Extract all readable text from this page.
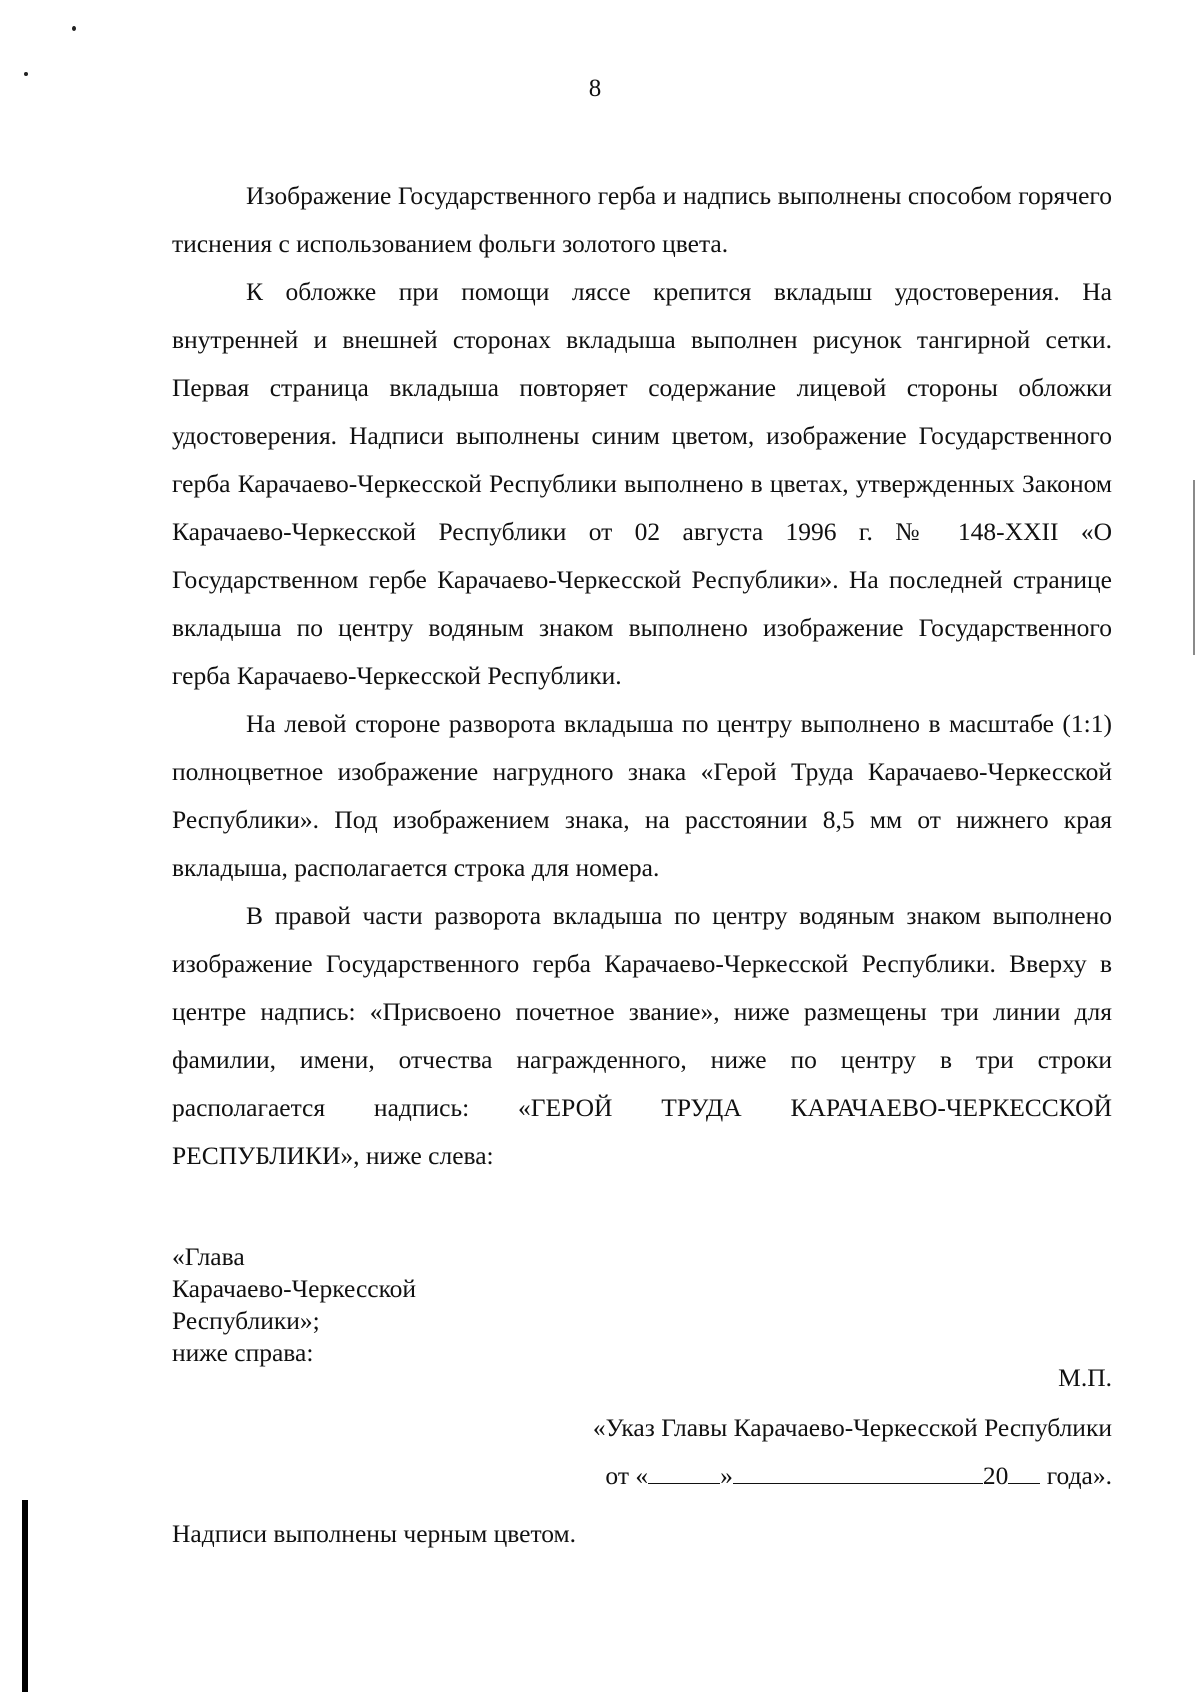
8

Изображение Государственного герба и надпись выполнены способом горячего тиснения с использованием фольги золотого цвета.

К обложке при помощи ляссе крепится вкладыш удостоверения. На внутренней и внешней сторонах вкладыша выполнен рисунок тангирной сетки. Первая страница вкладыша повторяет содержание лицевой стороны обложки удостоверения. Надписи выполнены синим цветом, изображение Государственного герба Карачаево-Черкесской Республики выполнено в цветах, утвержденных Законом Карачаево-Черкесской Республики от 02 августа 1996 г. № 148-XXII «О Государственном гербе Карачаево-Черкесской Республики». На последней странице вкладыша по центру водяным знаком выполнено изображение Государственного герба Карачаево-Черкесской Республики.

На левой стороне разворота вкладыша по центру выполнено в масштабе (1:1) полноцветное изображение нагрудного знака «Герой Труда Карачаево-Черкесской Республики». Под изображением знака, на расстоянии 8,5 мм от нижнего края вкладыша, располагается строка для номера.

В правой части разворота вкладыша по центру водяным знаком выполнено изображение Государственного герба Карачаево-Черкесской Республики. Вверху в центре надпись: «Присвоено почетное звание», ниже размещены три линии для фамилии, имени, отчества награжденного, ниже по центру в три строки располагается надпись: «ГЕРОЙ ТРУДА КАРАЧАЕВО-ЧЕРКЕССКОЙ РЕСПУБЛИКИ», ниже слева:

«Глава
Карачаево-Черкесской
Республики»;
ниже справа:
М.П.
«Указ Главы Карачаево-Черкесской Республики
от «	»	20 года».
Надписи выполнены черным цветом.
